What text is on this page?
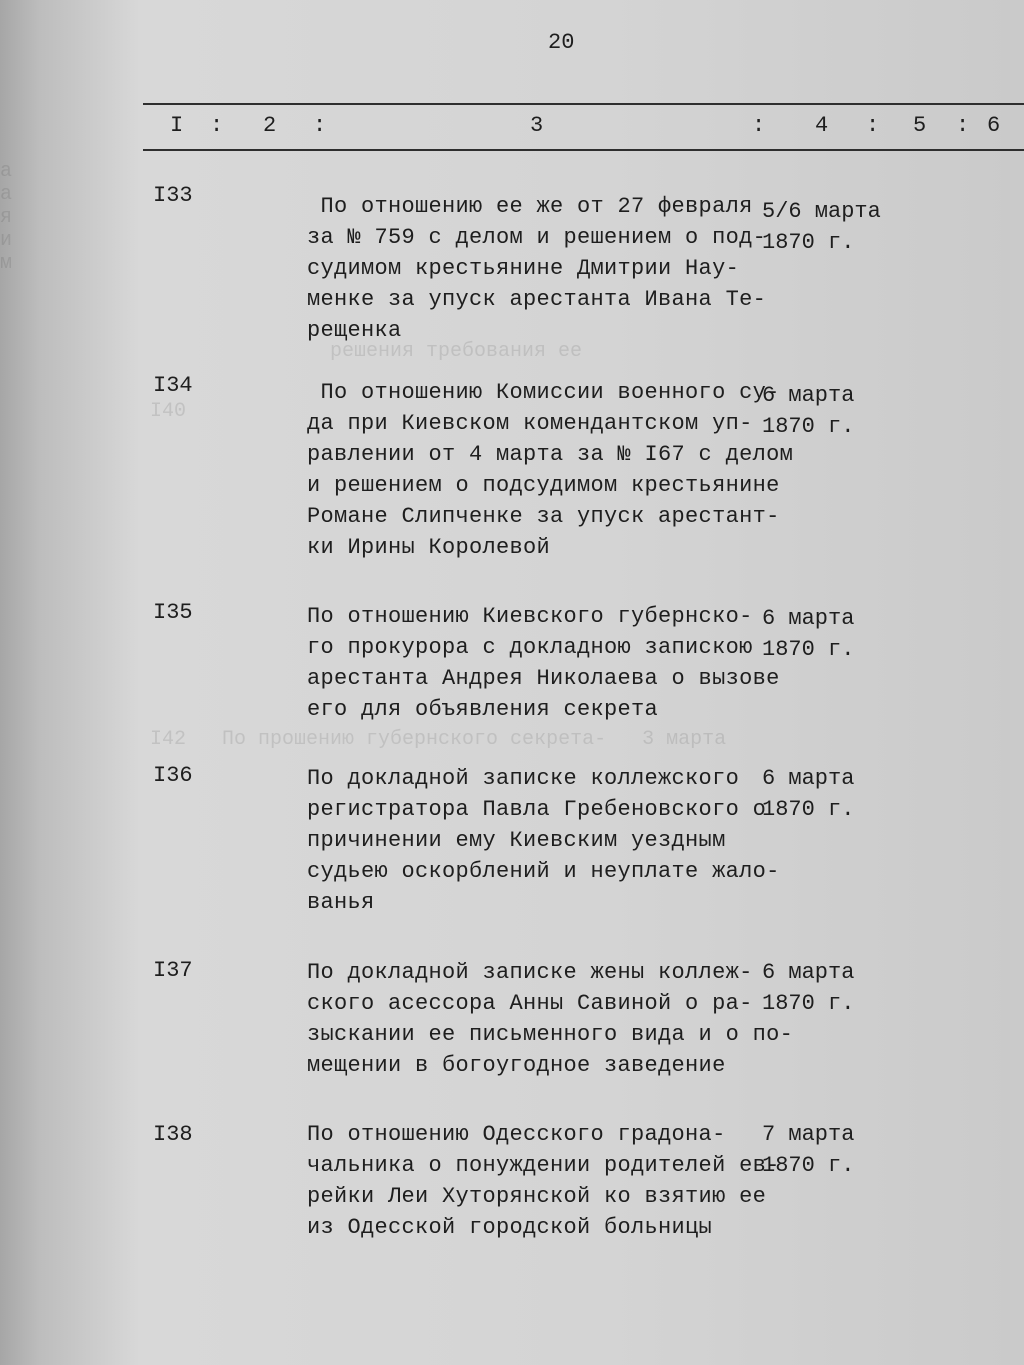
решения требования ее
I40
I42   По прошению губернского секрета-   3 марта
а
а
я
и
м
20
I : 2 :	3	: 4 : 5 : 6
I33	По отношению ее же от 27 февраля
за № 759 с делом и решением о под-
судимом крестьянине Дмитрии Нау-
менке за упуск арестанта Ивана Те-
рещенка
5/6 марта
1870 г.
I34	По отношению Комиссии военного су-
да при Киевском комендантском уп-
равлении от 4 марта за № I67 с делом
и решением о подсудимом крестьянине
Романе Слипченке за упуск арестант-
ки Ирины Королевой
6 марта
1870 г.
I35	По отношению Киевского губернско-
го прокурора с докладною запискою
арестанта Андрея Николаева о вызове
его для объявления секрета
6 марта
1870 г.
I36	По докладной записке коллежского
регистратора Павла Гребеновского о
причинении ему Киевским уездным
судьею оскорблений и неуплате жало-
ванья
6 марта
1870 г.
I37	По докладной записке жены коллеж-
ского асессора Анны Савиной о ра-
зыскании ее письменного вида и о по-
мещении в богоугодное заведение
6 марта
1870 г.
I38	По отношению Одесского градона-
чальника о понуждении родителей ев-
рейки Леи Хуторянской ко взятию ее
из Одесской городской больницы
7 марта
1870 г.
